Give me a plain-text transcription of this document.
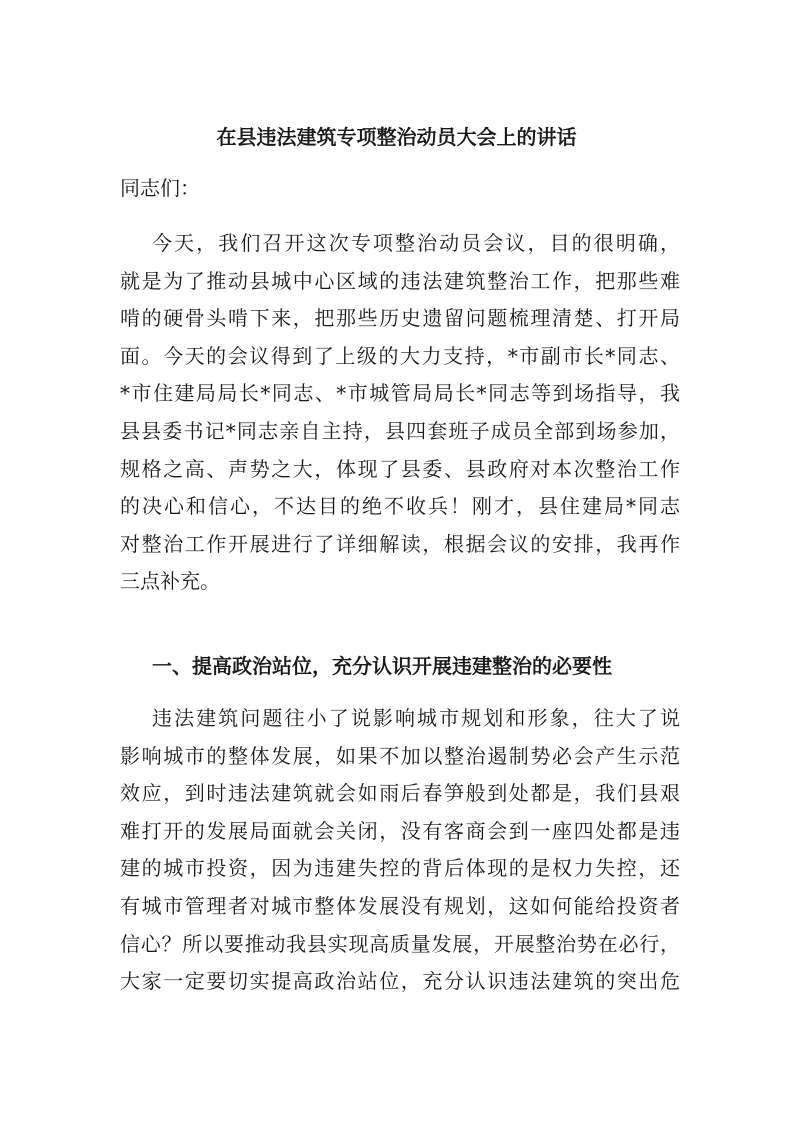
在县违法建筑专项整治动员大会上的讲话

同志们：

今天，我们召开这次专项整治动员会议，目的很明确，
就是为了推动县城中心区域的违法建筑整治工作，把那些难
啃的硬骨头啃下来，把那些历史遗留问题梳理清楚、打开局
面。今天的会议得到了上级的大力支持，*市副市长*同志、
*市住建局局长*同志、*市城管局局长*同志等到场指导，我
县县委书记*同志亲自主持，县四套班子成员全部到场参加，
规格之高、声势之大，体现了县委、县政府对本次整治工作
的决心和信心，不达目的绝不收兵！刚才，县住建局*同志
对整治工作开展进行了详细解读，根据会议的安排，我再作
三点补充。
一、提高政治站位，充分认识开展违建整治的必要性
违法建筑问题往小了说影响城市规划和形象，往大了说
影响城市的整体发展，如果不加以整治遏制势必会产生示范
效应，到时违法建筑就会如雨后春笋般到处都是，我们县艰
难打开的发展局面就会关闭，没有客商会到一座四处都是违
建的城市投资，因为违建失控的背后体现的是权力失控，还
有城市管理者对城市整体发展没有规划，这如何能给投资者
信心？所以要推动我县实现高质量发展，开展整治势在必行，
大家一定要切实提高政治站位，充分认识违法建筑的突出危
